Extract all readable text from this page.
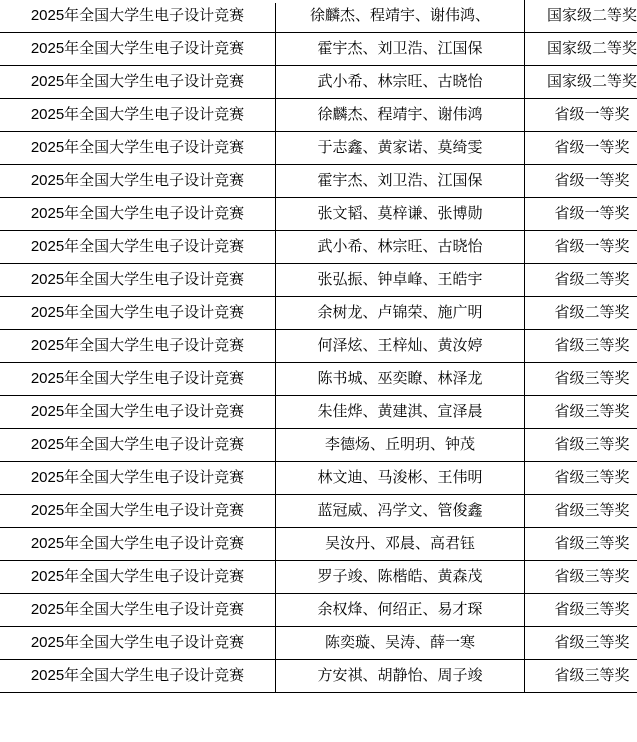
2025年全国大学生电子设计竞赛	徐麟杰、程靖宇、谢伟鸿、	国家级二等奖
2025年全国大学生电子设计竞赛	霍宇杰、刘卫浩、江国保	国家级二等奖
2025年全国大学生电子设计竞赛	武小希、林宗旺、古晓怡	国家级二等奖
2025年全国大学生电子设计竞赛	徐麟杰、程靖宇、谢伟鸿	省级一等奖
2025年全国大学生电子设计竞赛	于志鑫、黄家诺、莫绮雯	省级一等奖
2025年全国大学生电子设计竞赛	霍宇杰、刘卫浩、江国保	省级一等奖
2025年全国大学生电子设计竞赛	张文韬、莫梓谦、张博勋	省级一等奖
2025年全国大学生电子设计竞赛	武小希、林宗旺、古晓怡	省级一等奖
2025年全国大学生电子设计竞赛	张弘振、钟卓峰、王皓宇	省级二等奖
2025年全国大学生电子设计竞赛	余树龙、卢锦荣、施广明	省级二等奖
2025年全国大学生电子设计竞赛	何泽炫、王梓灿、黄汝婷	省级三等奖
2025年全国大学生电子设计竞赛	陈书城、巫奕瞭、林泽龙	省级三等奖
2025年全国大学生电子设计竞赛	朱佳烨、黄建淇、宣泽晨	省级三等奖
2025年全国大学生电子设计竞赛	李德炀、丘明玥、钟茂	省级三等奖
2025年全国大学生电子设计竞赛	林文迪、马浚彬、王伟明	省级三等奖
2025年全国大学生电子设计竞赛	蓝冠威、冯学文、管俊鑫	省级三等奖
2025年全国大学生电子设计竞赛	吴汝丹、邓晨、高君钰	省级三等奖
2025年全国大学生电子设计竞赛	罗子竣、陈楷皓、黄森茂	省级三等奖
2025年全国大学生电子设计竞赛	余权烽、何绍正、易才琛	省级三等奖
2025年全国大学生电子设计竞赛	陈奕璇、吴涛、薛一寒	省级三等奖
2025年全国大学生电子设计竞赛	方安祺、胡静怡、周子竣	省级三等奖
